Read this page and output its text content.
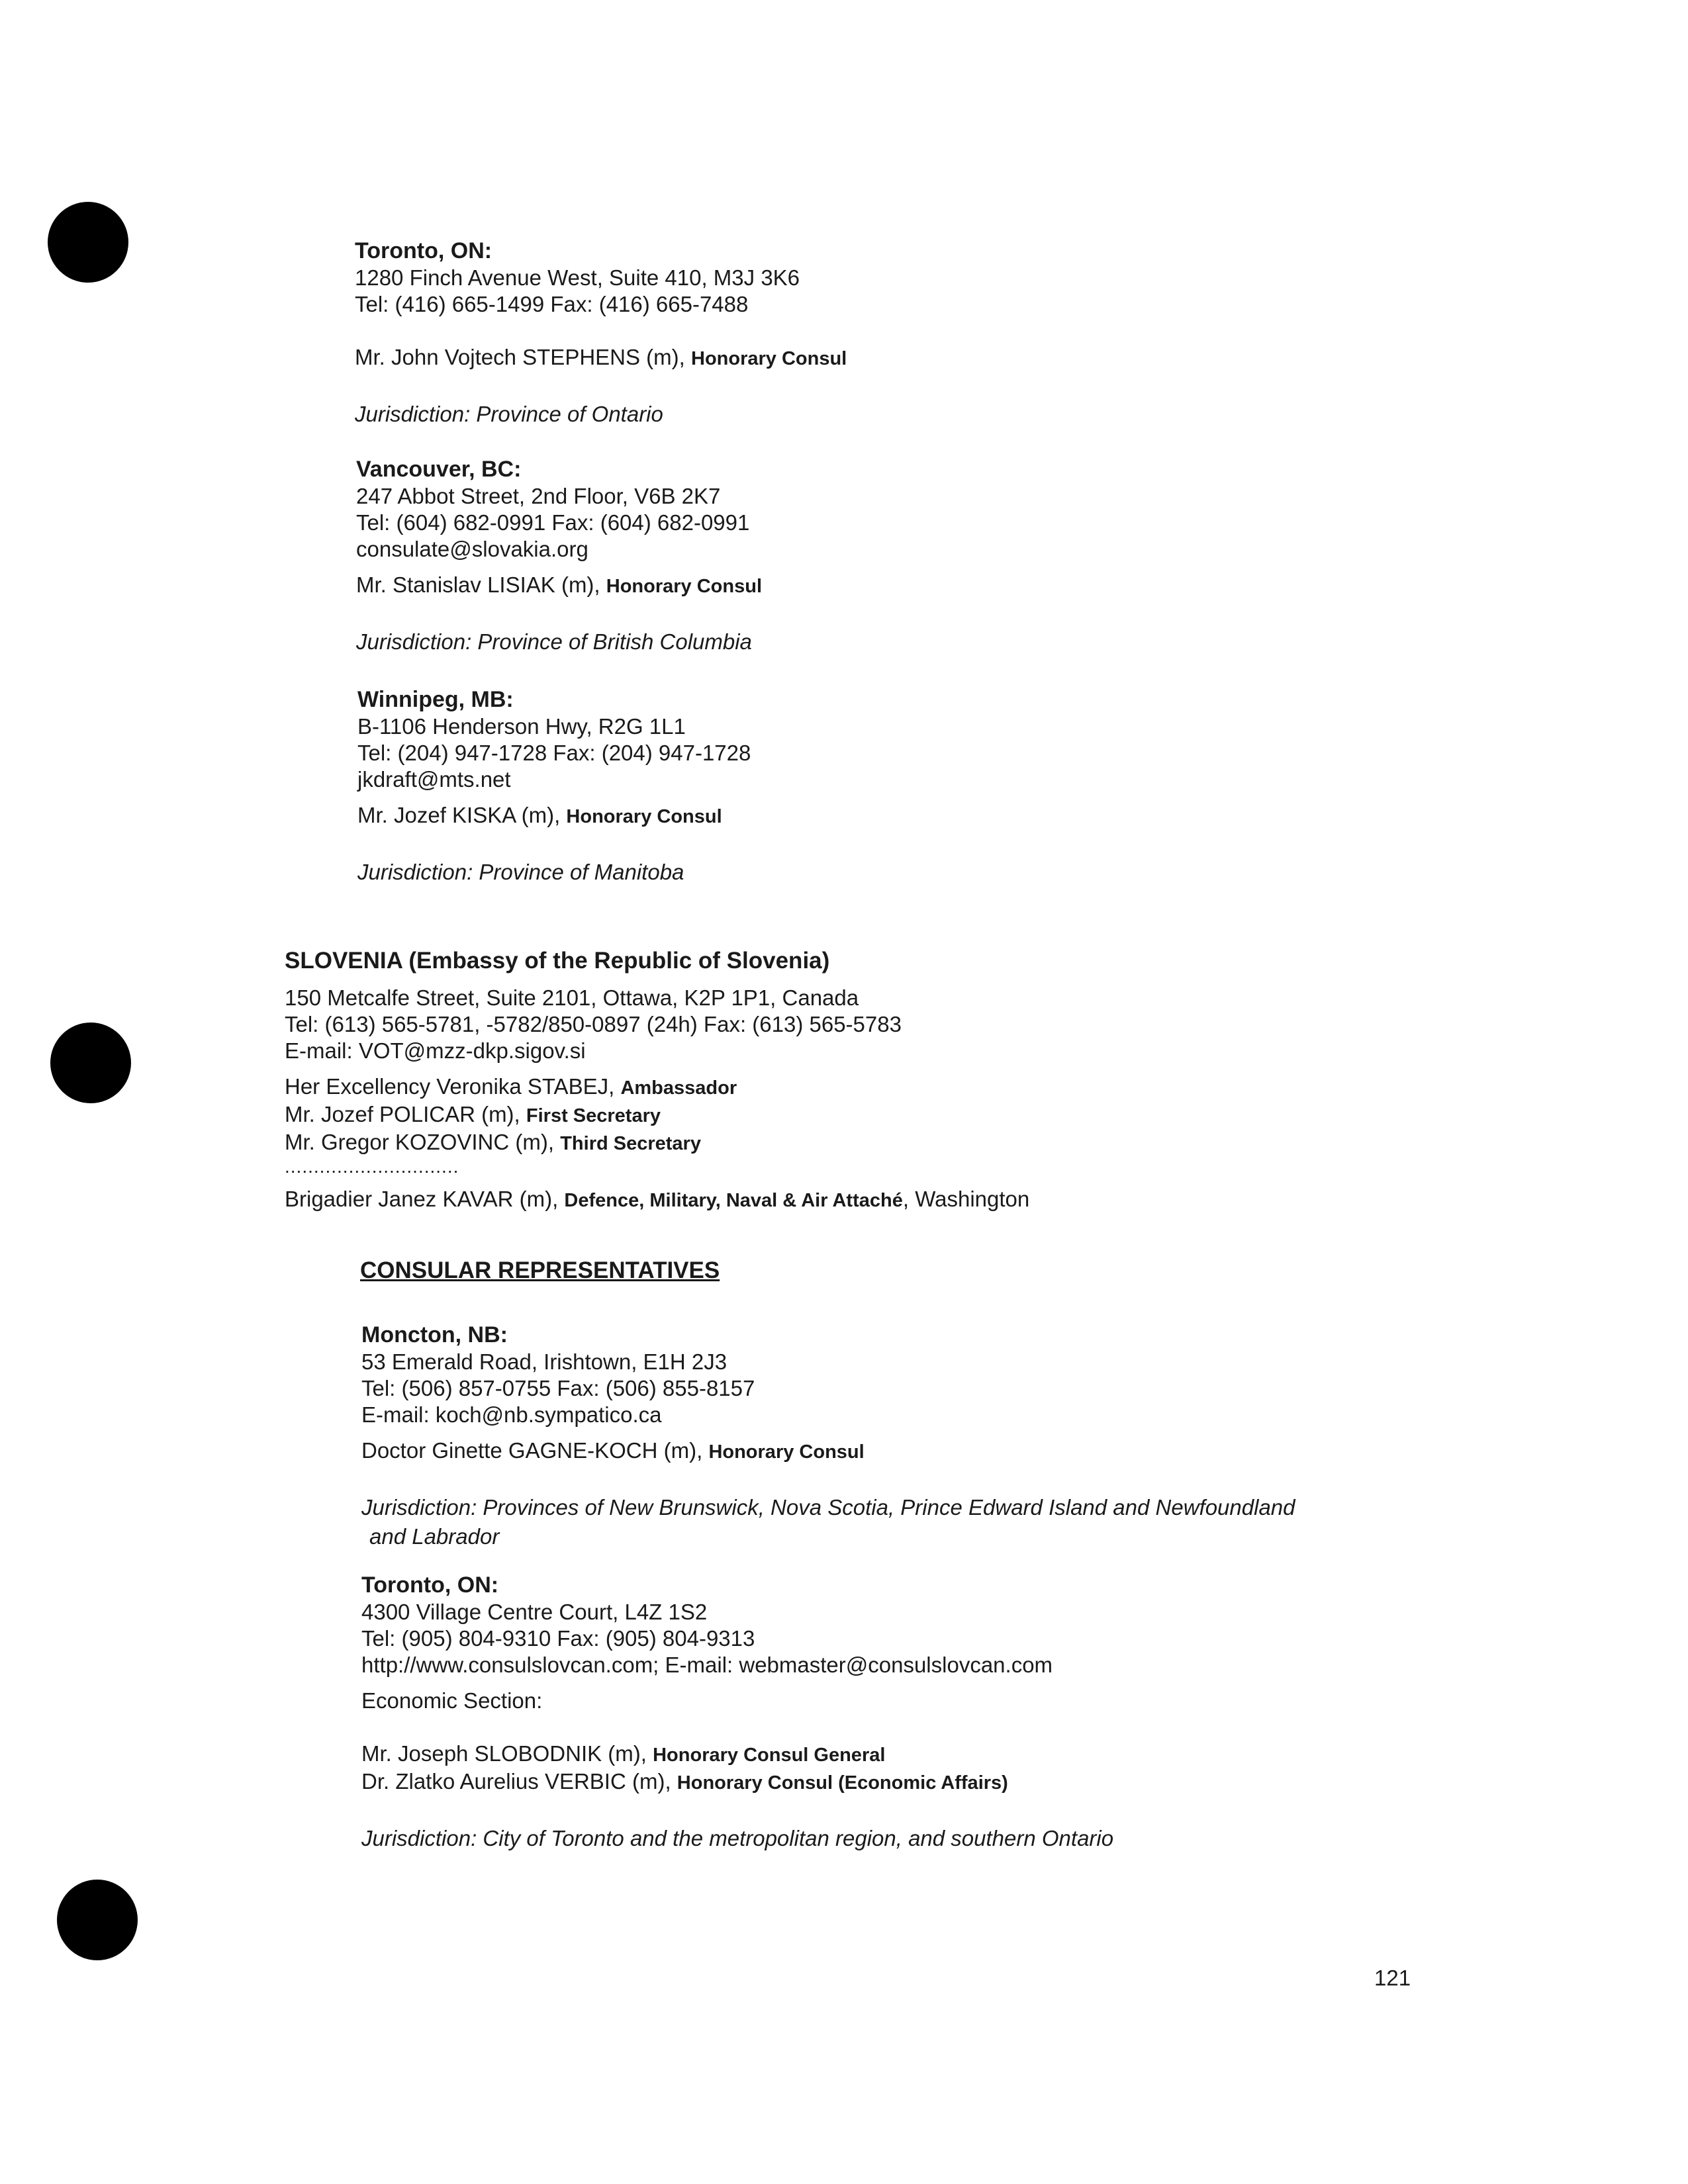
Toronto, ON:
1280 Finch Avenue West, Suite 410, M3J 3K6
Tel: (416) 665-1499 Fax: (416) 665-7488
Mr. John Vojtech STEPHENS (m), Honorary Consul
Jurisdiction: Province of Ontario
Vancouver, BC:
247 Abbot Street, 2nd Floor, V6B 2K7
Tel: (604) 682-0991 Fax: (604) 682-0991
consulate@slovakia.org
Mr. Stanislav LISIAK (m), Honorary Consul
Jurisdiction: Province of British Columbia
Winnipeg, MB:
B-1106 Henderson Hwy, R2G 1L1
Tel: (204) 947-1728 Fax: (204) 947-1728
jkdraft@mts.net
Mr. Jozef KISKA (m), Honorary Consul
Jurisdiction: Province of Manitoba
SLOVENIA (Embassy of the Republic of Slovenia)
150 Metcalfe Street, Suite 2101, Ottawa, K2P 1P1, Canada
Tel: (613) 565-5781, -5782/850-0897 (24h) Fax: (613) 565-5783
E-mail: VOT@mzz-dkp.sigov.si
Her Excellency Veronika STABEJ, Ambassador
Mr. Jozef POLICAR (m), First Secretary
Mr. Gregor KOZOVINC (m), Third Secretary
..............................
Brigadier Janez KAVAR (m), Defence, Military, Naval & Air Attaché, Washington
CONSULAR REPRESENTATIVES
Moncton, NB:
53 Emerald Road, Irishtown, E1H 2J3
Tel: (506) 857-0755 Fax: (506) 855-8157
E-mail: koch@nb.sympatico.ca
Doctor Ginette GAGNE-KOCH (m), Honorary Consul
Jurisdiction: Provinces of New Brunswick, Nova Scotia, Prince Edward Island and Newfoundland
and Labrador
Toronto, ON:
4300 Village Centre Court, L4Z 1S2
Tel: (905) 804-9310 Fax: (905) 804-9313
http://www.consulslovcan.com; E-mail: webmaster@consulslovcan.com
Economic Section:
Mr. Joseph SLOBODNIK (m), Honorary Consul General
Dr. Zlatko Aurelius VERBIC (m), Honorary Consul (Economic Affairs)
Jurisdiction: City of Toronto and the metropolitan region, and southern Ontario
121
